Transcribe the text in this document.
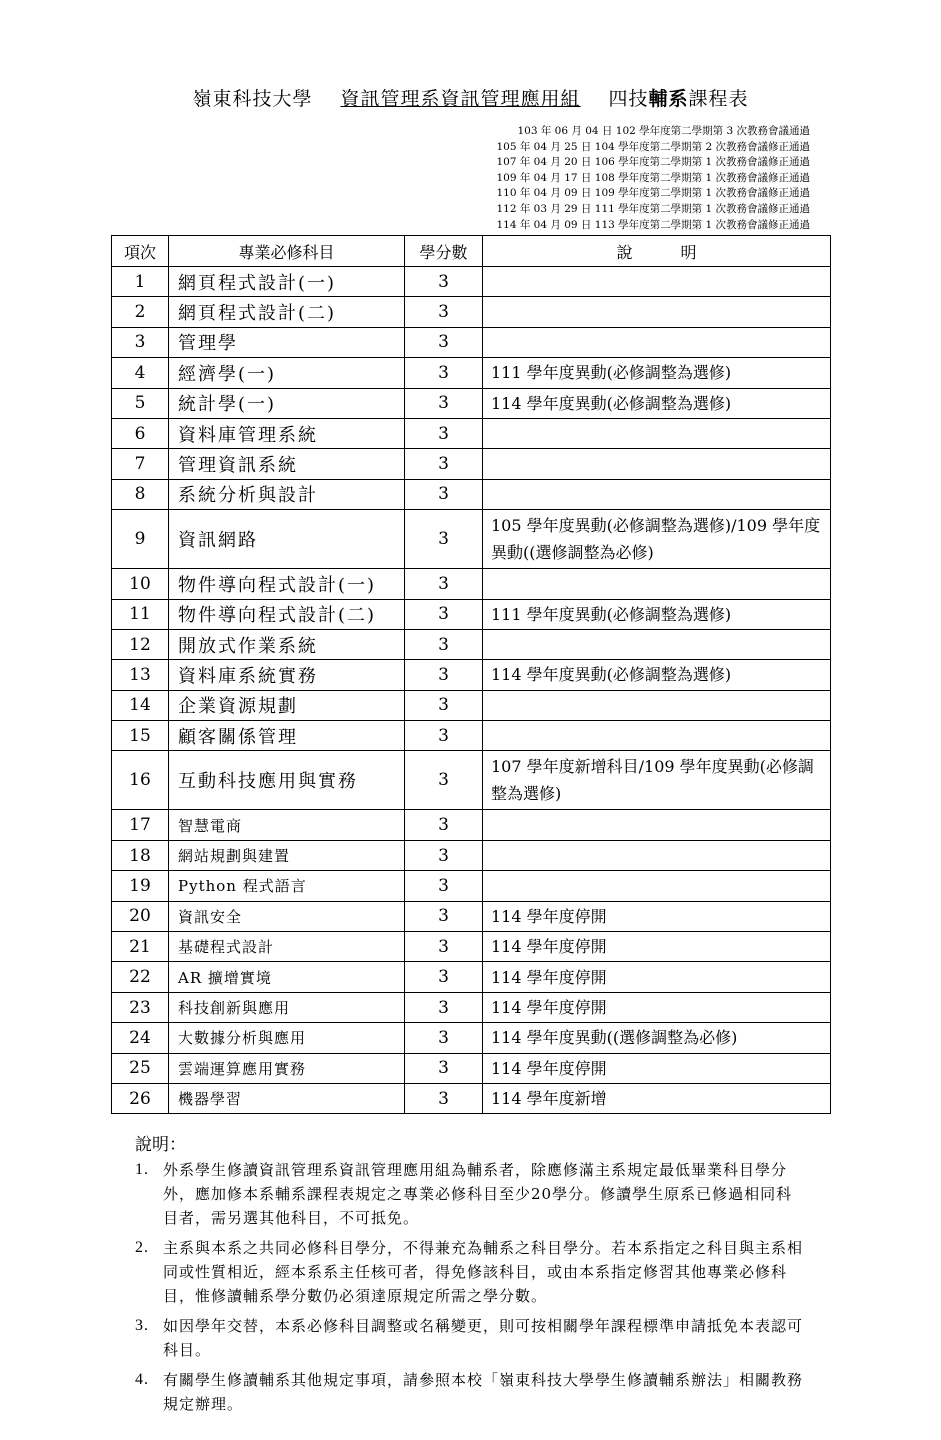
嶺東科技大學 資訊管理系資訊管理應用組 四技輔系課程表
103 年 06 月 04 日 102 學年度第二學期第 3 次教務會議通過
105 年 04 月 25 日 104 學年度第二學期第 2 次教務會議修正通過
107 年 04 月 20 日 106 學年度第二學期第 1 次教務會議修正通過
109 年 04 月 17 日 108 學年度第二學期第 1 次教務會議修正通過
110 年 04 月 09 日 109 學年度第二學期第 1 次教務會議修正通過
112 年 03 月 29 日 111 學年度第二學期第 1 次教務會議修正通過
114 年 04 月 09 日 113 學年度第二學期第 1 次教務會議修正通過
項次	專業必修科目	學分數	說　　　明
1	網頁程式設計(一)	3	
2	網頁程式設計(二)	3	
3	管理學	3	
4	經濟學(一)	3	111 學年度異動(必修調整為選修)
5	統計學(一)	3	114 學年度異動(必修調整為選修)
6	資料庫管理系統	3	
7	管理資訊系統	3	
8	系統分析與設計	3	
9	資訊網路	3	105 學年度異動(必修調整為選修)/109 學年度異動((選修調整為必修)
10	物件導向程式設計(一)	3	
11	物件導向程式設計(二)	3	111 學年度異動(必修調整為選修)
12	開放式作業系統	3	
13	資料庫系統實務	3	114 學年度異動(必修調整為選修)
14	企業資源規劃	3	
15	顧客關係管理	3	
16	互動科技應用與實務	3	107 學年度新增科目/109 學年度異動(必修調整為選修)
17	智慧電商	3	
18	網站規劃與建置	3	
19	Python 程式語言	3	
20	資訊安全	3	114 學年度停開
21	基礎程式設計	3	114 學年度停開
22	AR 擴增實境	3	114 學年度停開
23	科技創新與應用	3	114 學年度停開
24	大數據分析與應用	3	114 學年度異動((選修調整為必修)
25	雲端運算應用實務	3	114 學年度停開
26	機器學習	3	114 學年度新增
說明：
1. 外系學生修讀資訊管理系資訊管理應用組為輔系者，除應修滿主系規定最低畢業科目學分外，應加修本系輔系課程表規定之專業必修科目至少20學分。修讀學生原系已修過相同科目者，需另選其他科目，不可抵免。
2. 主系與本系之共同必修科目學分，不得兼充為輔系之科目學分。若本系指定之科目與主系相同或性質相近，經本系系主任核可者，得免修該科目，或由本系指定修習其他專業必修科目，惟修讀輔系學分數仍必須達原規定所需之學分數。
3. 如因學年交替，本系必修科目調整或名稱變更，則可按相關學年課程標準申請抵免本表認可科目。
4. 有關學生修讀輔系其他規定事項，請參照本校「嶺東科技大學學生修讀輔系辦法」相關教務規定辦理。
